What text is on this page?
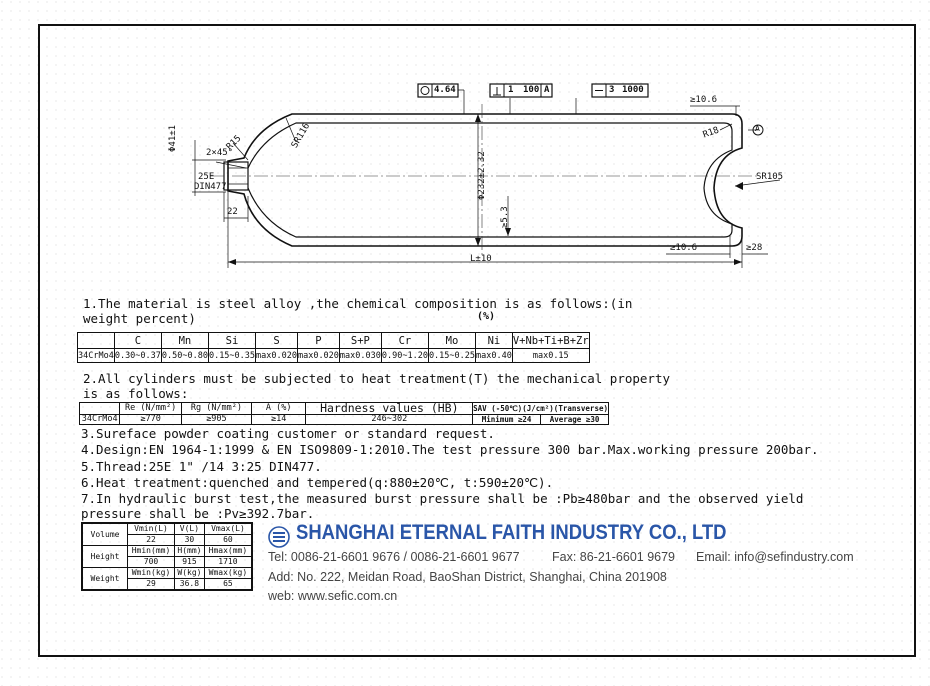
4.64	1 100 A	3 1000
R15
2×45°
Φ41±1
25E
DIN477
22
SR116
Φ232±2.32
≥5.3
L±10
≥10.6
≥10.6
R18	A
SR105
≥28
1.The material is steel alloy ,the chemical composition is as follows:(in
weight percent)	(%)
	C	Mn	Si	S	P	S+P	Cr	Mo	Ni	V+Nb+Ti+B+Zr
34CrMo4	0.30~0.37	0.50~0.80	0.15~0.35	max0.020	max0.020	max0.030	0.90~1.20	0.15~0.25	max0.40	max0.15
2.All cylinders must be subjected to heat treatment(T) the mechanical property
is as follows:
	Re (N/mm²)	Rg (N/mm²)	A (%)	Hardness values (HB)	SAV (-50℃)(J/cm²)(Transverse)	
34CrMo4	≥770	≥905	≥14	246~302	Minimum ≥24	Average ≥30
3.Sureface powder coating customer or standard request.
4.Design:EN 1964-1:1999 & EN ISO9809-1:2010.The test pressure 300 bar.Max.working pressure 200bar.
5.Thread:25E 1" /14 3:25 DIN477.
6.Heat treatment:quenched and tempered(q:880±20℃, t:590±20℃).
7.In hydraulic burst test,the measured burst pressure shall be :Pb≥480bar and the observed yield
pressure shall be :Pv≥392.7bar.
Volume	Vmin(L)	V(L)	Vmax(L)
	22	30	60
Height	Hmin(mm)	H(mm)	Hmax(mm)
	700	915	1710
Weight	Wmin(kg)	W(kg)	Wmax(kg)
	29	36.8	65
SHANGHAI ETERNAL FAITH INDUSTRY CO., LTD
Tel: 0086-21-6601 9676 / 0086-21-6601 9677	Fax: 86-21-6601 9679 Email: info@sefindustry.com
Add: No. 222, Meidan Road, BaoShan District, Shanghai, China 201908
web: www.sefic.com.cn
